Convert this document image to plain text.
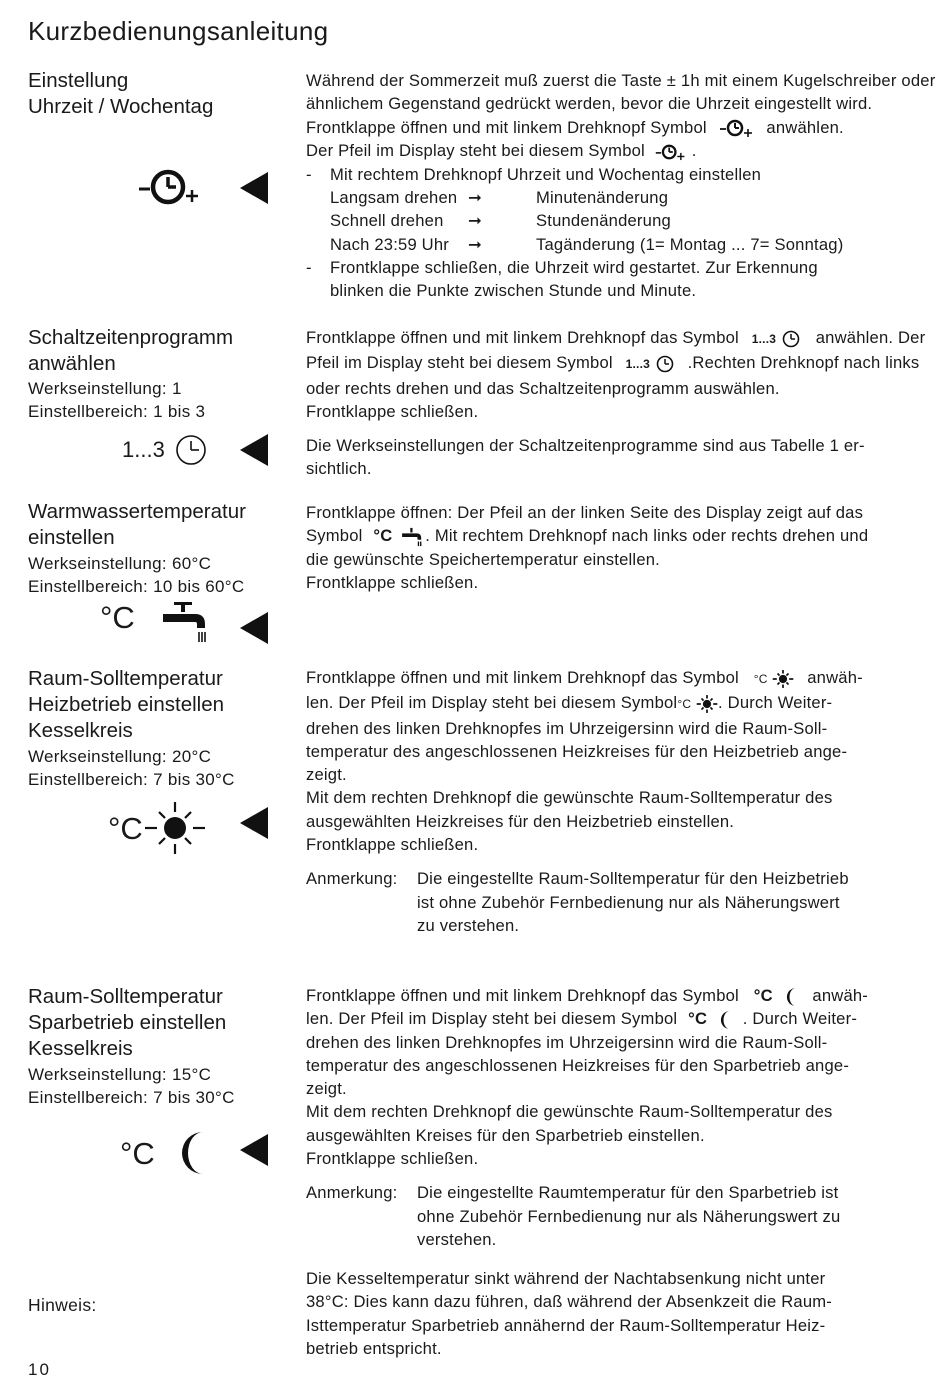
Kurzbedienungsanleitung
Einstellung
Uhrzeit / Wochentag
Während der Sommerzeit muß zuerst die Taste ± 1h mit einem Kugelschreiber oder
ähnlichem Gegenstand gedrückt werden, bevor die Uhrzeit eingestellt wird.
Frontklappe öffnen und mit linkem Drehknopf Symbol	anwählen.
Der Pfeil im Display steht bei diesem Symbol	.
- Mit rechtem Drehknopf Uhrzeit und Wochentag einstellen
Langsam drehen ➞	Minutenänderung
Schnell drehen	➞	Stundenänderung
Nach 23:59 Uhr	➞	Tagänderung (1= Montag ... 7= Sonntag)
- Frontklappe schließen, die Uhrzeit wird gestartet. Zur Erkennung
blinken die Punkte zwischen Stunde und Minute.
Schaltzeitenprogramm
anwählen
Werkseinstellung: 1
Einstellbereich: 1 bis 3
1...3
Frontklappe öffnen und mit linkem Drehknopf das Symbol 1...3 anwählen. Der
Pfeil im Display steht bei diesem Symbol 1...3 .Rechten Drehknopf nach links
oder rechts drehen und das Schaltzeitenprogramm auswählen.
Frontklappe schließen.
Die Werkseinstellungen der Schaltzeitenprogramme sind aus Tabelle 1 er-
sichtlich.
Warmwassertemperatur
einstellen
Werkseinstellung: 60°C
Einstellbereich: 10 bis 60°C
°C
Frontklappe öffnen: Der Pfeil an der linken Seite des Display zeigt auf das
Symbol °C . Mit rechtem Drehknopf nach links oder rechts drehen und
die gewünschte Speichertemperatur einstellen.
Frontklappe schließen.
Raum-Solltemperatur
Heizbetrieb einstellen
Kesselkreis
Werkseinstellung: 20°C
Einstellbereich: 7 bis 30°C
°C
Frontklappe öffnen und mit linkem Drehknopf das Symbol °C anwäh-
len. Der Pfeil im Display steht bei diesem Symbol°C . Durch Weiter-
drehen des linken Drehknopfes im Uhrzeigersinn wird die Raum-Soll-
temperatur des angeschlossenen Heizkreises für den Heizbetrieb ange-
zeigt.
Mit dem rechten Drehknopf die gewünschte Raum-Solltemperatur des
ausgewählten Heizkreises für den Heizbetrieb einstellen.
Frontklappe schließen.
Anmerkung:	Die eingestellte Raum-Solltemperatur für den Heizbetrieb
ist ohne Zubehör Fernbedienung nur als Näherungswert
zu verstehen.
Raum-Solltemperatur
Sparbetrieb einstellen
Kesselkreis
Werkseinstellung: 15°C
Einstellbereich: 7 bis 30°C
°C
Frontklappe öffnen und mit linkem Drehknopf das Symbol °C anwäh-
len. Der Pfeil im Display steht bei diesem Symbol °C . Durch Weiter-
drehen des linken Drehknopfes im Uhrzeigersinn wird die Raum-Soll-
temperatur des angeschlossenen Heizkreises für den Sparbetrieb ange-
zeigt.
Mit dem rechten Drehknopf die gewünschte Raum-Solltemperatur des
ausgewählten Kreises für den Sparbetrieb einstellen.
Frontklappe schließen.
Anmerkung:	Die eingestellte Raumtemperatur für den Sparbetrieb ist
ohne Zubehör Fernbedienung nur als Näherungswert zu
verstehen.
Hinweis:
Die Kesseltemperatur sinkt während der Nachtabsenkung nicht unter
38°C: Dies kann dazu führen, daß während der Absenkzeit die Raum-
Isttemperatur Sparbetrieb annähernd der Raum-Solltemperatur Heiz-
betrieb entspricht.
10
